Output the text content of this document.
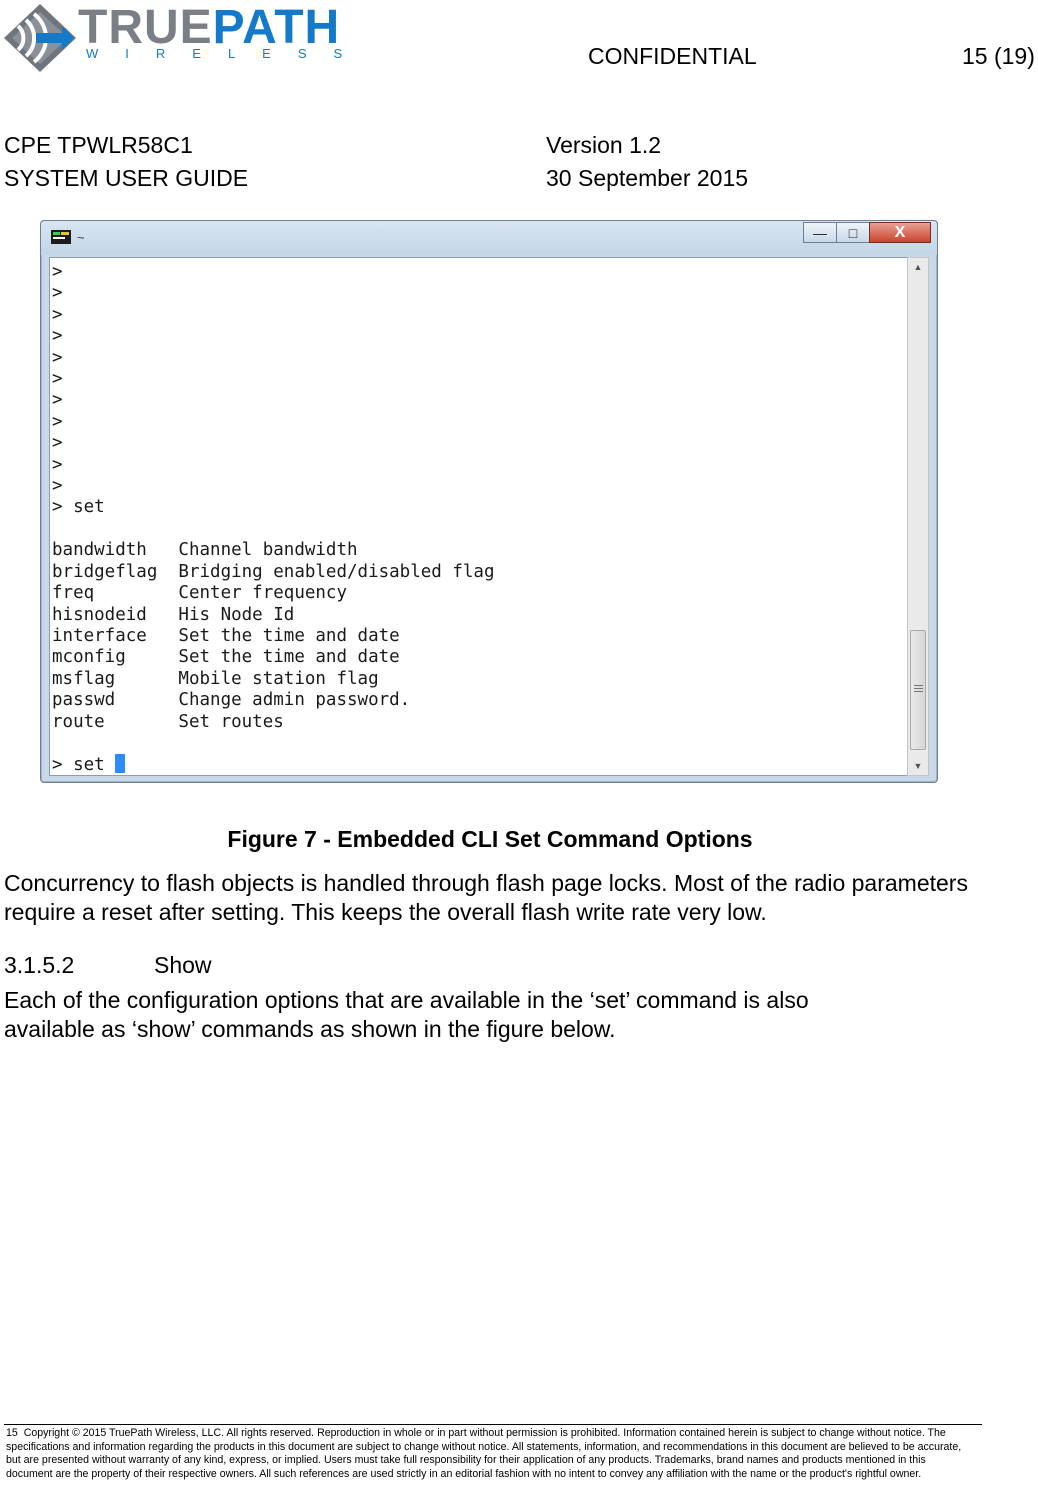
TRUEPATH
WIRELESS	CONFIDENTIAL	15 (19)
CPE TPWLR58C1
SYSTEM USER GUIDE
Version 1.2
30 September 2015
~	—	□	X
>
>
>
>
>
>
>
>
>
>
>
> set

bandwidth   Channel bandwidth
bridgeflag  Bridging enabled/disabled flag
freq        Center frequency
hisnodeid   His Node Id
interface   Set the time and date
mconfig     Set the time and date
msflag      Mobile station flag
passwd      Change admin password.
route       Set routes

> set
▲
▼
Figure 7 - Embedded CLI Set Command Options
Concurrency to flash objects is handled through flash page locks. Most of the radio parameters require a reset after setting. This keeps the overall flash write rate very low.
3.1.5.2	Show
Each of the configuration options that are available in the ‘set’ command is also available as ‘show’ commands as shown in the figure below.
15 Copyright © 2015 TruePath Wireless, LLC. All rights reserved. Reproduction in whole or in part without permission is prohibited. Information contained herein is subject to change without notice. The specifications and information regarding the products in this document are subject to change without notice. All statements, information, and recommendations in this document are believed to be accurate, but are presented without warranty of any kind, express, or implied. Users must take full responsibility for their application of any products. Trademarks, brand names and products mentioned in this document are the property of their respective owners. All such references are used strictly in an editorial fashion with no intent to convey any affiliation with the name or the product's rightful owner.
